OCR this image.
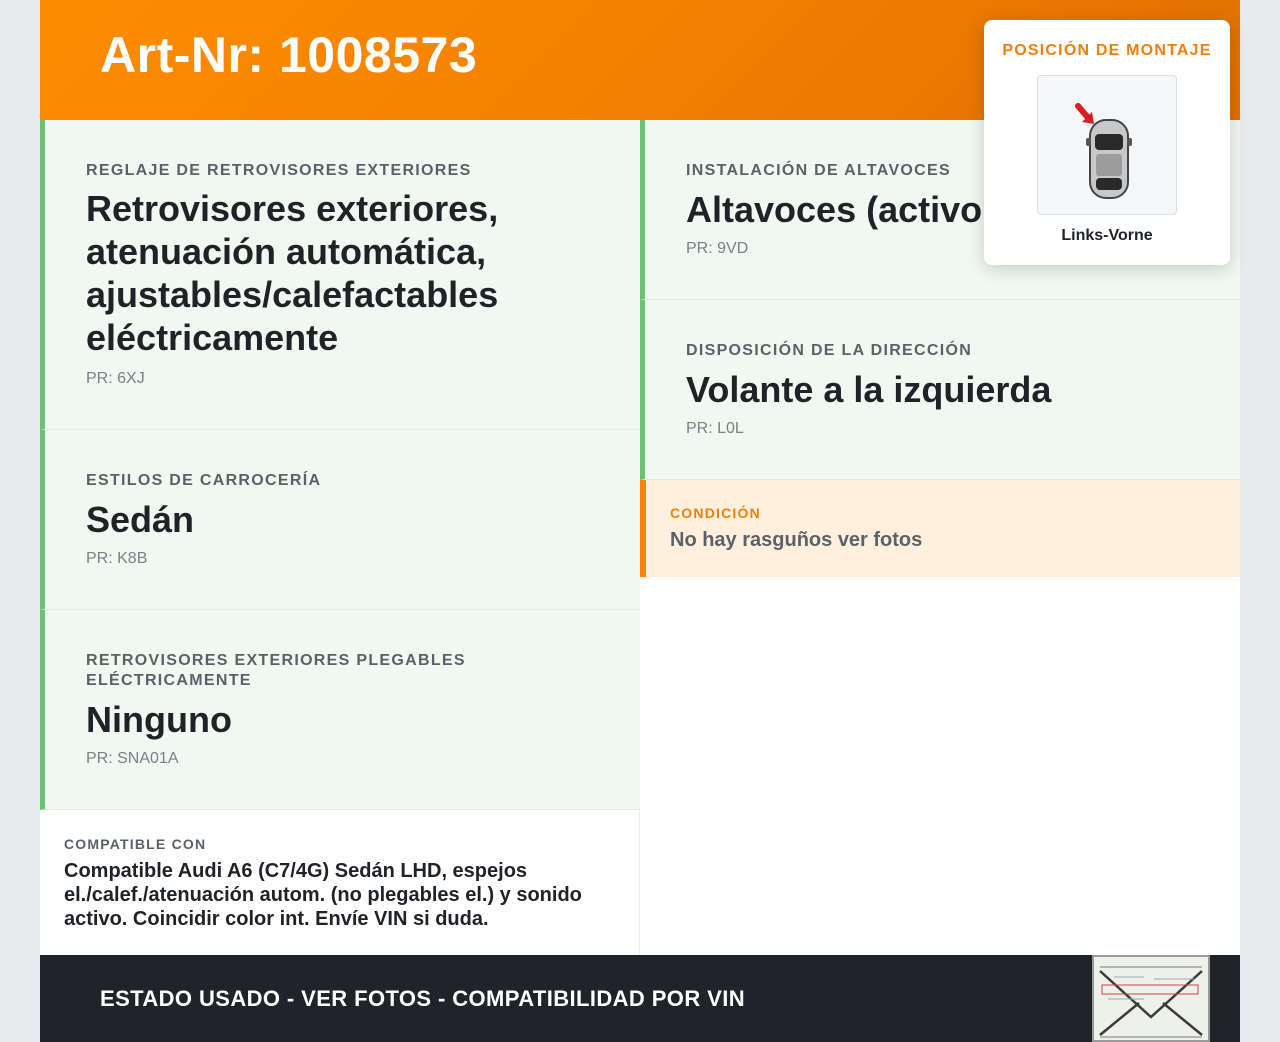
Art-Nr: 1008573
REGLAJE DE RETROVISORES EXTERIORES
Retrovisores exteriores,
atenuación automática,
ajustables/calefactables
eléctricamente
PR: 6XJ
ESTILOS DE CARROCERÍA
Sedán
PR: K8B
RETROVISORES EXTERIORES PLEGABLES
ELÉCTRICAMENTE
Ninguno
PR: SNA01A
INSTALACIÓN DE ALTAVOCES
Altavoces (activo
PR: 9VD
DISPOSICIÓN DE LA DIRECCIÓN
Volante a la izquierda
PR: L0L
CONDICIÓN
No hay rasguños ver fotos
COMPATIBLE CON
Compatible Audi A6 (C7/4G) Sedán LHD, espejos
el./calef./atenuación autom. (no plegables el.) y sonido
activo. Coincidir color int. Envíe VIN si duda.
ESTADO USADO - VER FOTOS - COMPATIBILIDAD POR VIN
POSICIÓN DE MONTAJE
Links-Vorne
